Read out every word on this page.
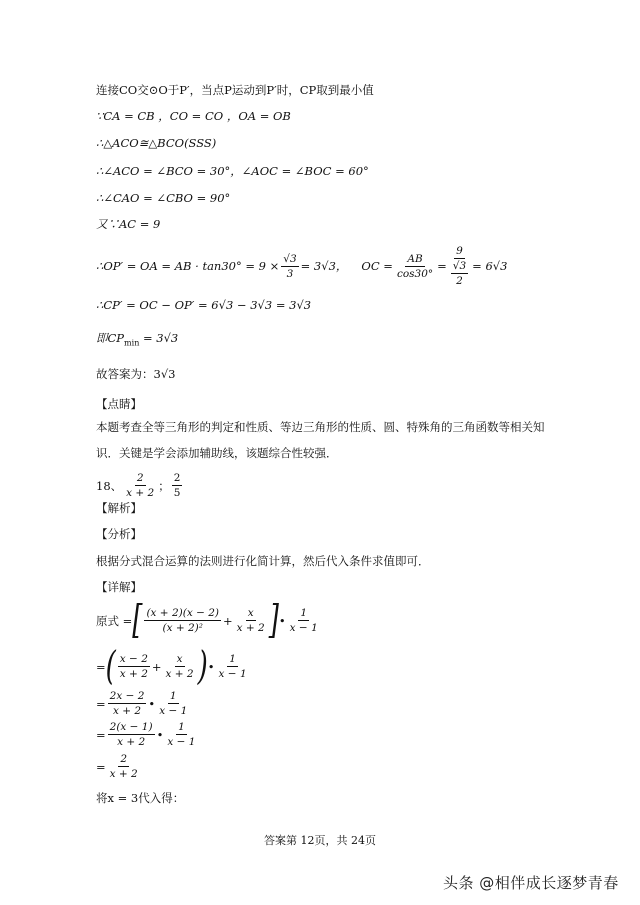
连接CO交⊙O于P′，当点P运动到P′时，CP取到最小值
∵CA = CB ，CO = CO ，OA = OB
∴△ACO≅△BCO(SSS)
∴∠ACO = ∠BCO = 30°，∠AOC = ∠BOC = 60°
∴∠CAO = ∠CBO = 90°
又∵AC = 9
∴OP′ = OA = AB · $\tan 30^\circ = 9 \times \frac{√3}{3} = 3√3$， OC = $\frac{AB}{\cos 30^\circ} = \frac{9}{\frac{√3}{2}} = 6√3$
∴CP′ = OC − OP′ = 6√3 − 3√3 = 3√3
即$CP_{min} = 3√3$
故答案为：3√3
【点睛】
本题考查全等三角形的判定和性质、等边三角形的性质、圆、特殊角的三角函数等相关知识．关键是学会添加辅助线，该题综合性较强．
18、 $\frac{2}{x + 2}$ ； $\frac{2}{5}$
【解析】
【分析】
根据分式混合运算的法则进行化简计算，然后代入条件求值即可．
【详解】
原式 = [ $\frac{(x + 2)(x - 2)}{\text{(x + 2)²}} + \frac{x}{x + 2}$ ] • $\frac{1}{x - 1}$
= ( $\frac{x - 2}{x + 2} + \frac{x}{x + 2}$ ) • $\frac{1}{x - 1}$
= $\frac{2x - 2}{x + 2}$ • $\frac{1}{x - 1}$
= $\frac{2(x - 1)}{x + 2}$ • $\frac{1}{x - 1}$
= $\frac{2}{x + 2}$
将x = 3代入得：
答案第 12页，共 24页
头条 @相伴成长逐梦青春
